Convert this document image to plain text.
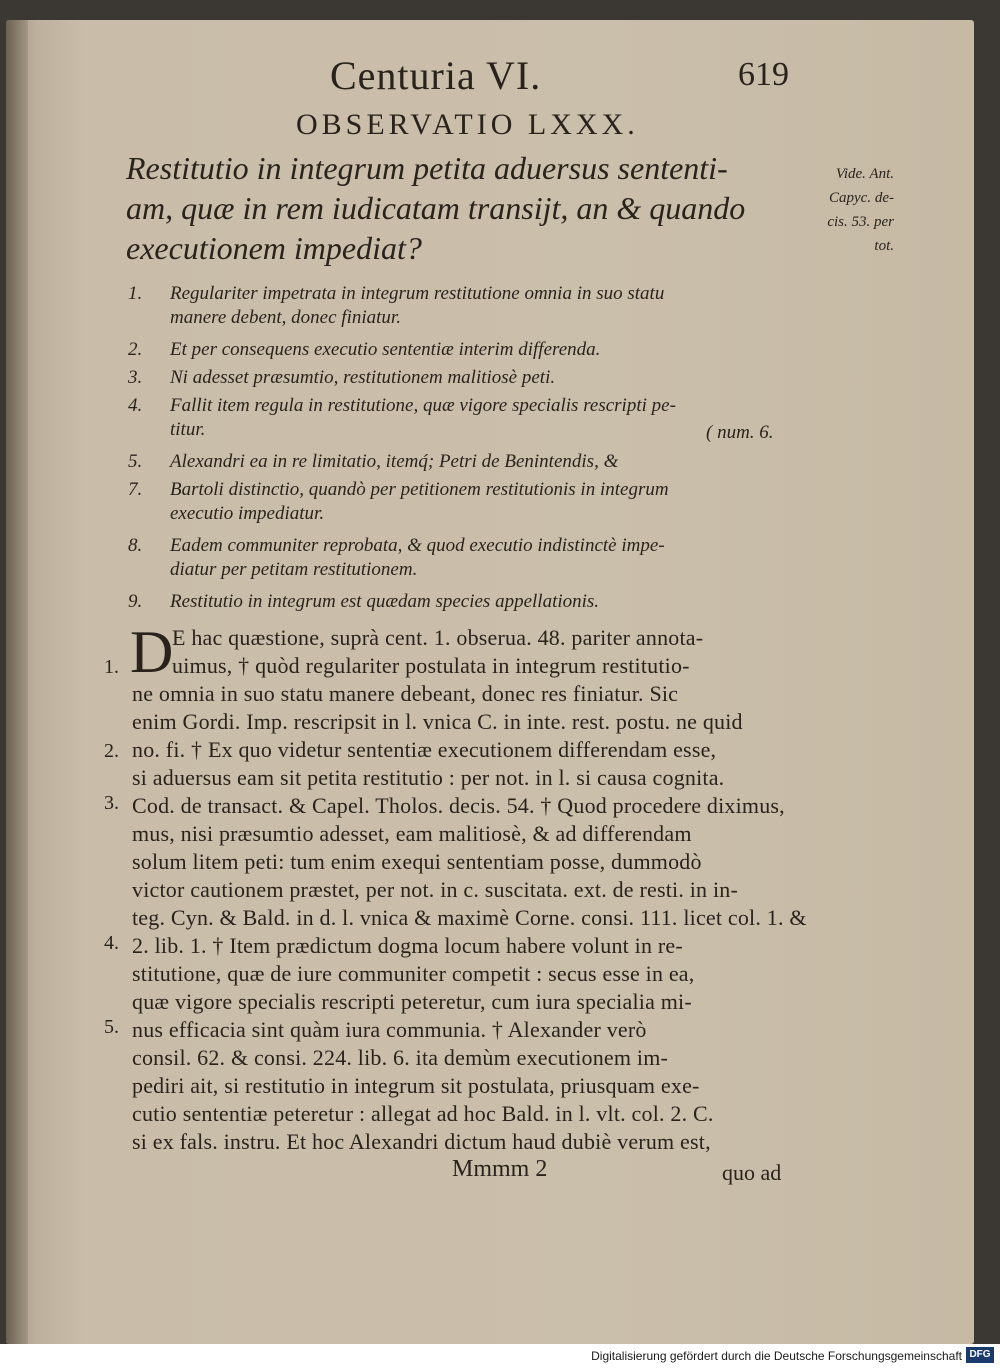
Centuria VI.	619
OBSERVATIO LXXX.
Restitutio in integrum petita aduersus sententi-
am, quæ in rem iudicatam transijt, an & quando
executionem impediat?
Vide. Ant.
Capyc. de-
cis. 53. per
tot.
1. Regulariter impetrata in integrum restitutione omnia in suo statu
manere debent, donec finiatur.
2. Et per consequens executio sententiæ interim differenda.
3. Ni adesset præsumtio, restitutionem malitiosè peti.
4. Fallit item regula in restitutione, quæ vigore specialis rescripti pe-
titur.	( num. 6.
5. Alexandri ea in re limitatio, itemq́; Petri de Benintendis, &
7. Bartoli distinctio, quandò per petitionem restitutionis in integrum
executio impediatur.
8. Eadem communiter reprobata, & quod executio indistinctè impe-
diatur per petitam restitutionem.
9. Restitutio in integrum est quædam species appellationis.
D
E hac quæstione, suprà cent. 1. obserua. 48. pariter annota-
uimus, † quòd regulariter postulata in integrum restitutio-
ne omnia in suo statu manere debeant, donec res finiatur. Sic
enim Gordi. Imp. rescripsit in l. vnica C. in inte. rest. postu. ne quid
no. fi. † Ex quo videtur sententiæ executionem differendam esse,
si aduersus eam sit petita restitutio : per not. in l. si causa cognita.
Cod. de transact. & Capel. Tholos. decis. 54. † Quod procedere diximus,
mus, nisi præsumtio adesset, eam malitiosè, & ad differendam
solum litem peti: tum enim exequi sententiam posse, dummodò
victor cautionem præstet, per not. in c. suscitata. ext. de resti. in in-
teg. Cyn. & Bald. in d. l. vnica & maximè Corne. consi. 111. licet col. 1. &
2. lib. 1. † Item prædictum dogma locum habere volunt in re-
stitutione, quæ de iure communiter competit : secus esse in ea,
quæ vigore specialis rescripti peteretur, cum iura specialia mi-
nus efficacia sint quàm iura communia. † Alexander verò
consil. 62. & consi. 224. lib. 6. ita demùm executionem im-
pediri ait, si restitutio in integrum sit postulata, priusquam exe-
cutio sententiæ peteretur : allegat ad hoc Bald. in l. vlt. col. 2. C.
si ex fals. instru. Et hoc Alexandri dictum haud dubiè verum est,
1.
2.
3.
4.
5.
Mmmm 2	quo ad
Digitalisierung gefördert durch die Deutsche Forschungsgemeinschaft DFG
